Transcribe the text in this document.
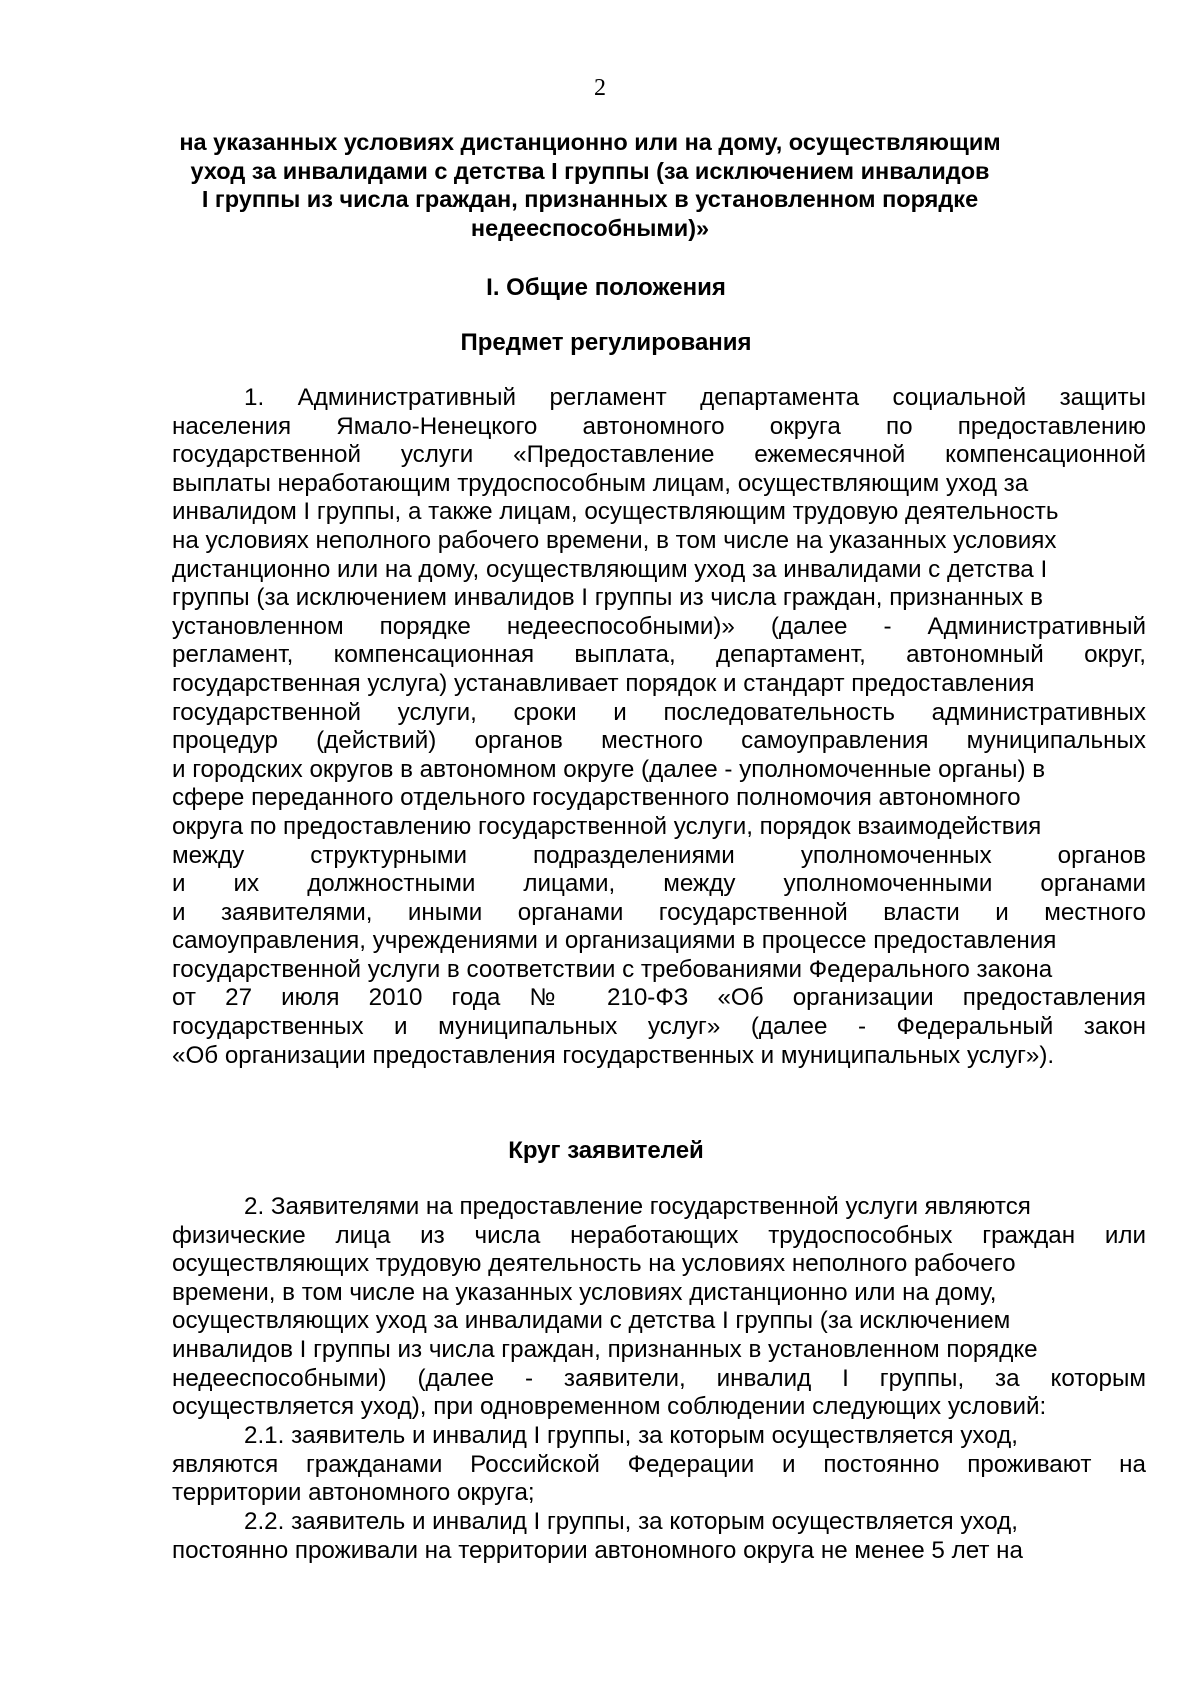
2
на указанных условиях дистанционно или на дому, осуществляющим
уход за инвалидами с детства I группы (за исключением инвалидов
I группы из числа граждан, признанных в установленном порядке
недееспособными)»
I. Общие положения
Предмет регулирования
1. Административный регламент департамента социальной защиты
населения Ямало-Ненецкого автономного округа по предоставлению
государственной услуги «Предоставление ежемесячной компенсационной
выплаты неработающим трудоспособным лицам, осуществляющим уход за
инвалидом I группы, а также лицам, осуществляющим трудовую деятельность
на условиях неполного рабочего времени, в том числе на указанных условиях
дистанционно или на дому, осуществляющим уход за инвалидами с детства I
группы (за исключением инвалидов I группы из числа граждан, признанных в
установленном порядке недееспособными)» (далее - Административный
регламент, компенсационная выплата, департамент, автономный округ,
государственная услуга) устанавливает порядок и стандарт предоставления
государственной услуги, сроки и последовательность административных
процедур (действий) органов местного самоуправления муниципальных
и городских округов в автономном округе (далее - уполномоченные органы) в
сфере переданного отдельного государственного полномочия автономного
округа по предоставлению государственной услуги, порядок взаимодействия
между структурными подразделениями уполномоченных органов
и их должностными лицами, между уполномоченными органами
и заявителями, иными органами государственной власти и местного
самоуправления, учреждениями и организациями в процессе предоставления
государственной услуги в соответствии с требованиями Федерального закона
от 27 июля 2010 года № 210-ФЗ «Об организации предоставления
государственных и муниципальных услуг» (далее - Федеральный закон
«Об организации предоставления государственных и муниципальных услуг»).
Круг заявителей
2. Заявителями на предоставление государственной услуги являются
физические лица из числа неработающих трудоспособных граждан или
осуществляющих трудовую деятельность на условиях неполного рабочего
времени, в том числе на указанных условиях дистанционно или на дому,
осуществляющих уход за инвалидами с детства I группы (за исключением
инвалидов I группы из числа граждан, признанных в установленном порядке
недееспособными) (далее - заявители, инвалид I группы, за которым
осуществляется уход), при одновременном соблюдении следующих условий:
2.1. заявитель и инвалид I группы, за которым осуществляется уход,
являются гражданами Российской Федерации и постоянно проживают на
территории автономного округа;
2.2. заявитель и инвалид I группы, за которым осуществляется уход,
постоянно проживали на территории автономного округа не менее 5 лет на
